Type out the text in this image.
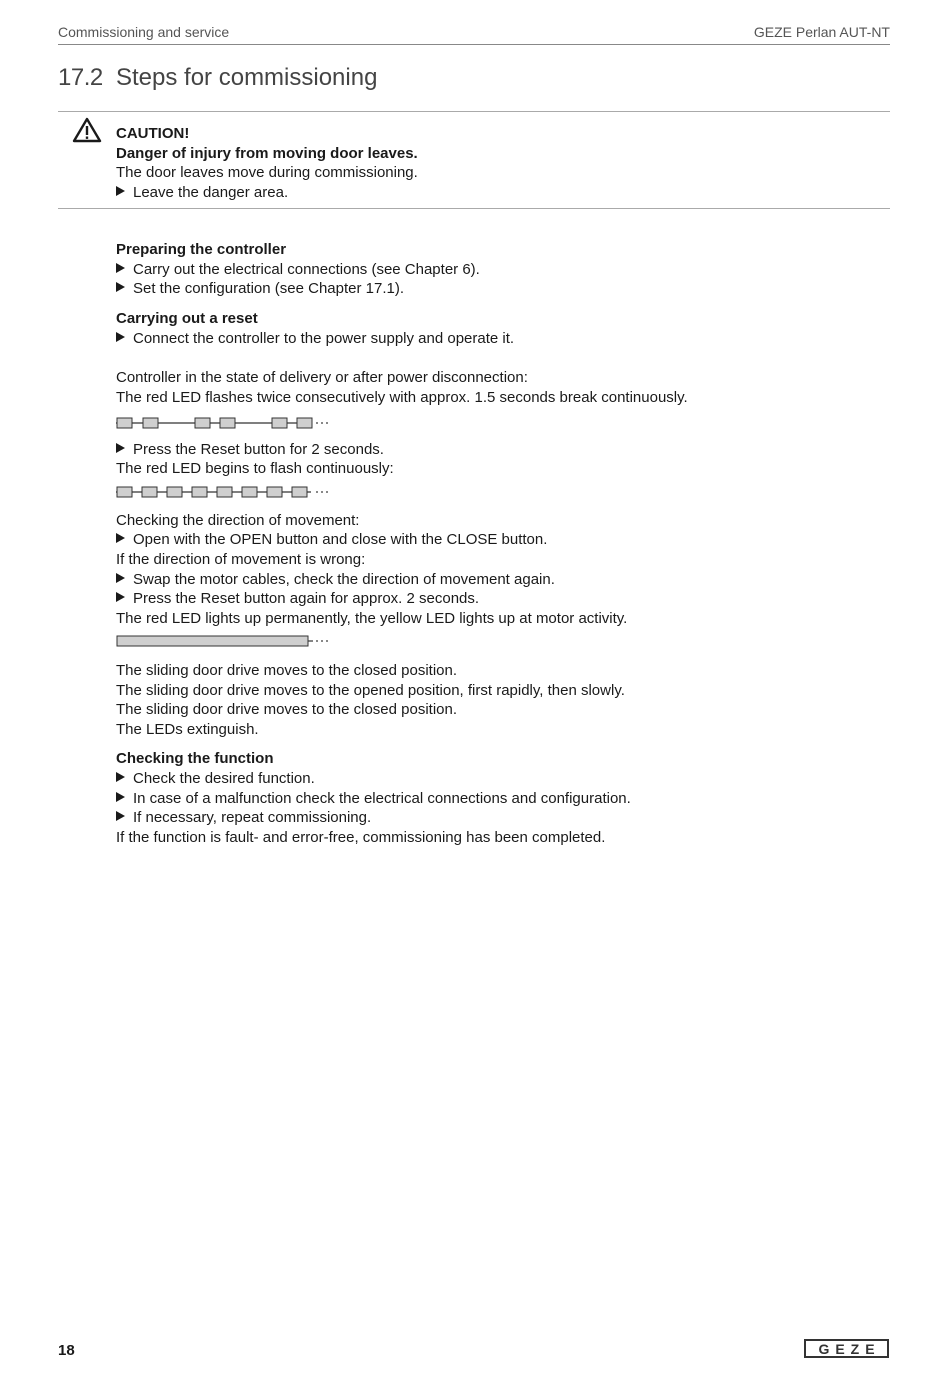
Commissioning and service	GEZE Perlan AUT-NT
17.2 Steps for commissioning
CAUTION!
Danger of injury from moving door leaves.
The door leaves move during commissioning.
Leave the danger area.
Preparing the controller
Carry out the electrical connections (see Chapter 6).
Set the configuration (see Chapter 17.1).
Carrying out a reset
Connect the controller to the power supply and operate it.
Controller in the state of delivery or after power disconnection:
The red LED flashes twice consecutively with approx. 1.5 seconds break continuously.
Press the Reset button for 2 seconds.
The red LED begins to flash continuously:
Checking the direction of movement:
Open with the OPEN button and close with the CLOSE button.
If the direction of movement is wrong:
Swap the motor cables, check the direction of movement again.
Press the Reset button again for approx. 2 seconds.
The red LED lights up permanently, the yellow LED lights up at motor activity.
The sliding door drive moves to the closed position.
The sliding door drive moves to the opened position, first rapidly, then slowly.
The sliding door drive moves to the closed position.
The LEDs extinguish.
Checking the function
Check the desired function.
In case of a malfunction check the electrical connections and configuration.
If necessary, repeat commissioning.
If the function is fault- and error-free, commissioning has been completed.
18	GEZE
